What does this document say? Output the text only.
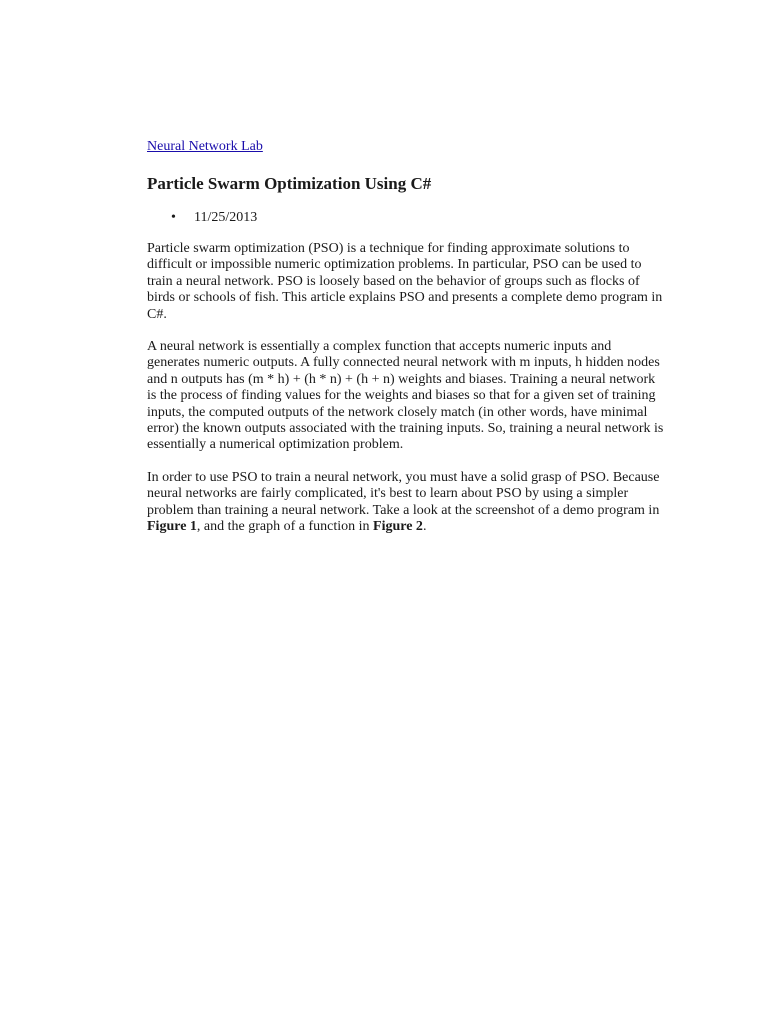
Neural Network Lab
Particle Swarm Optimization Using C#
• 11/25/2013

Particle swarm optimization (PSO) is a technique for finding approximate solutions to difficult or impossible numeric optimization problems. In particular, PSO can be used to train a neural network. PSO is loosely based on the behavior of groups such as flocks of birds or schools of fish. This article explains PSO and presents a complete demo program in C#.

A neural network is essentially a complex function that accepts numeric inputs and generates numeric outputs. A fully connected neural network with m inputs, h hidden nodes and n outputs has (m * h) + (h * n) + (h + n) weights and biases. Training a neural network is the process of finding values for the weights and biases so that for a given set of training inputs, the computed outputs of the network closely match (in other words, have minimal error) the known outputs associated with the training inputs. So, training a neural network is essentially a numerical optimization problem.

In order to use PSO to train a neural network, you must have a solid grasp of PSO. Because neural networks are fairly complicated, it's best to learn about PSO by using a simpler problem than training a neural network. Take a look at the screenshot of a demo program in Figure 1, and the graph of a function in Figure 2.
